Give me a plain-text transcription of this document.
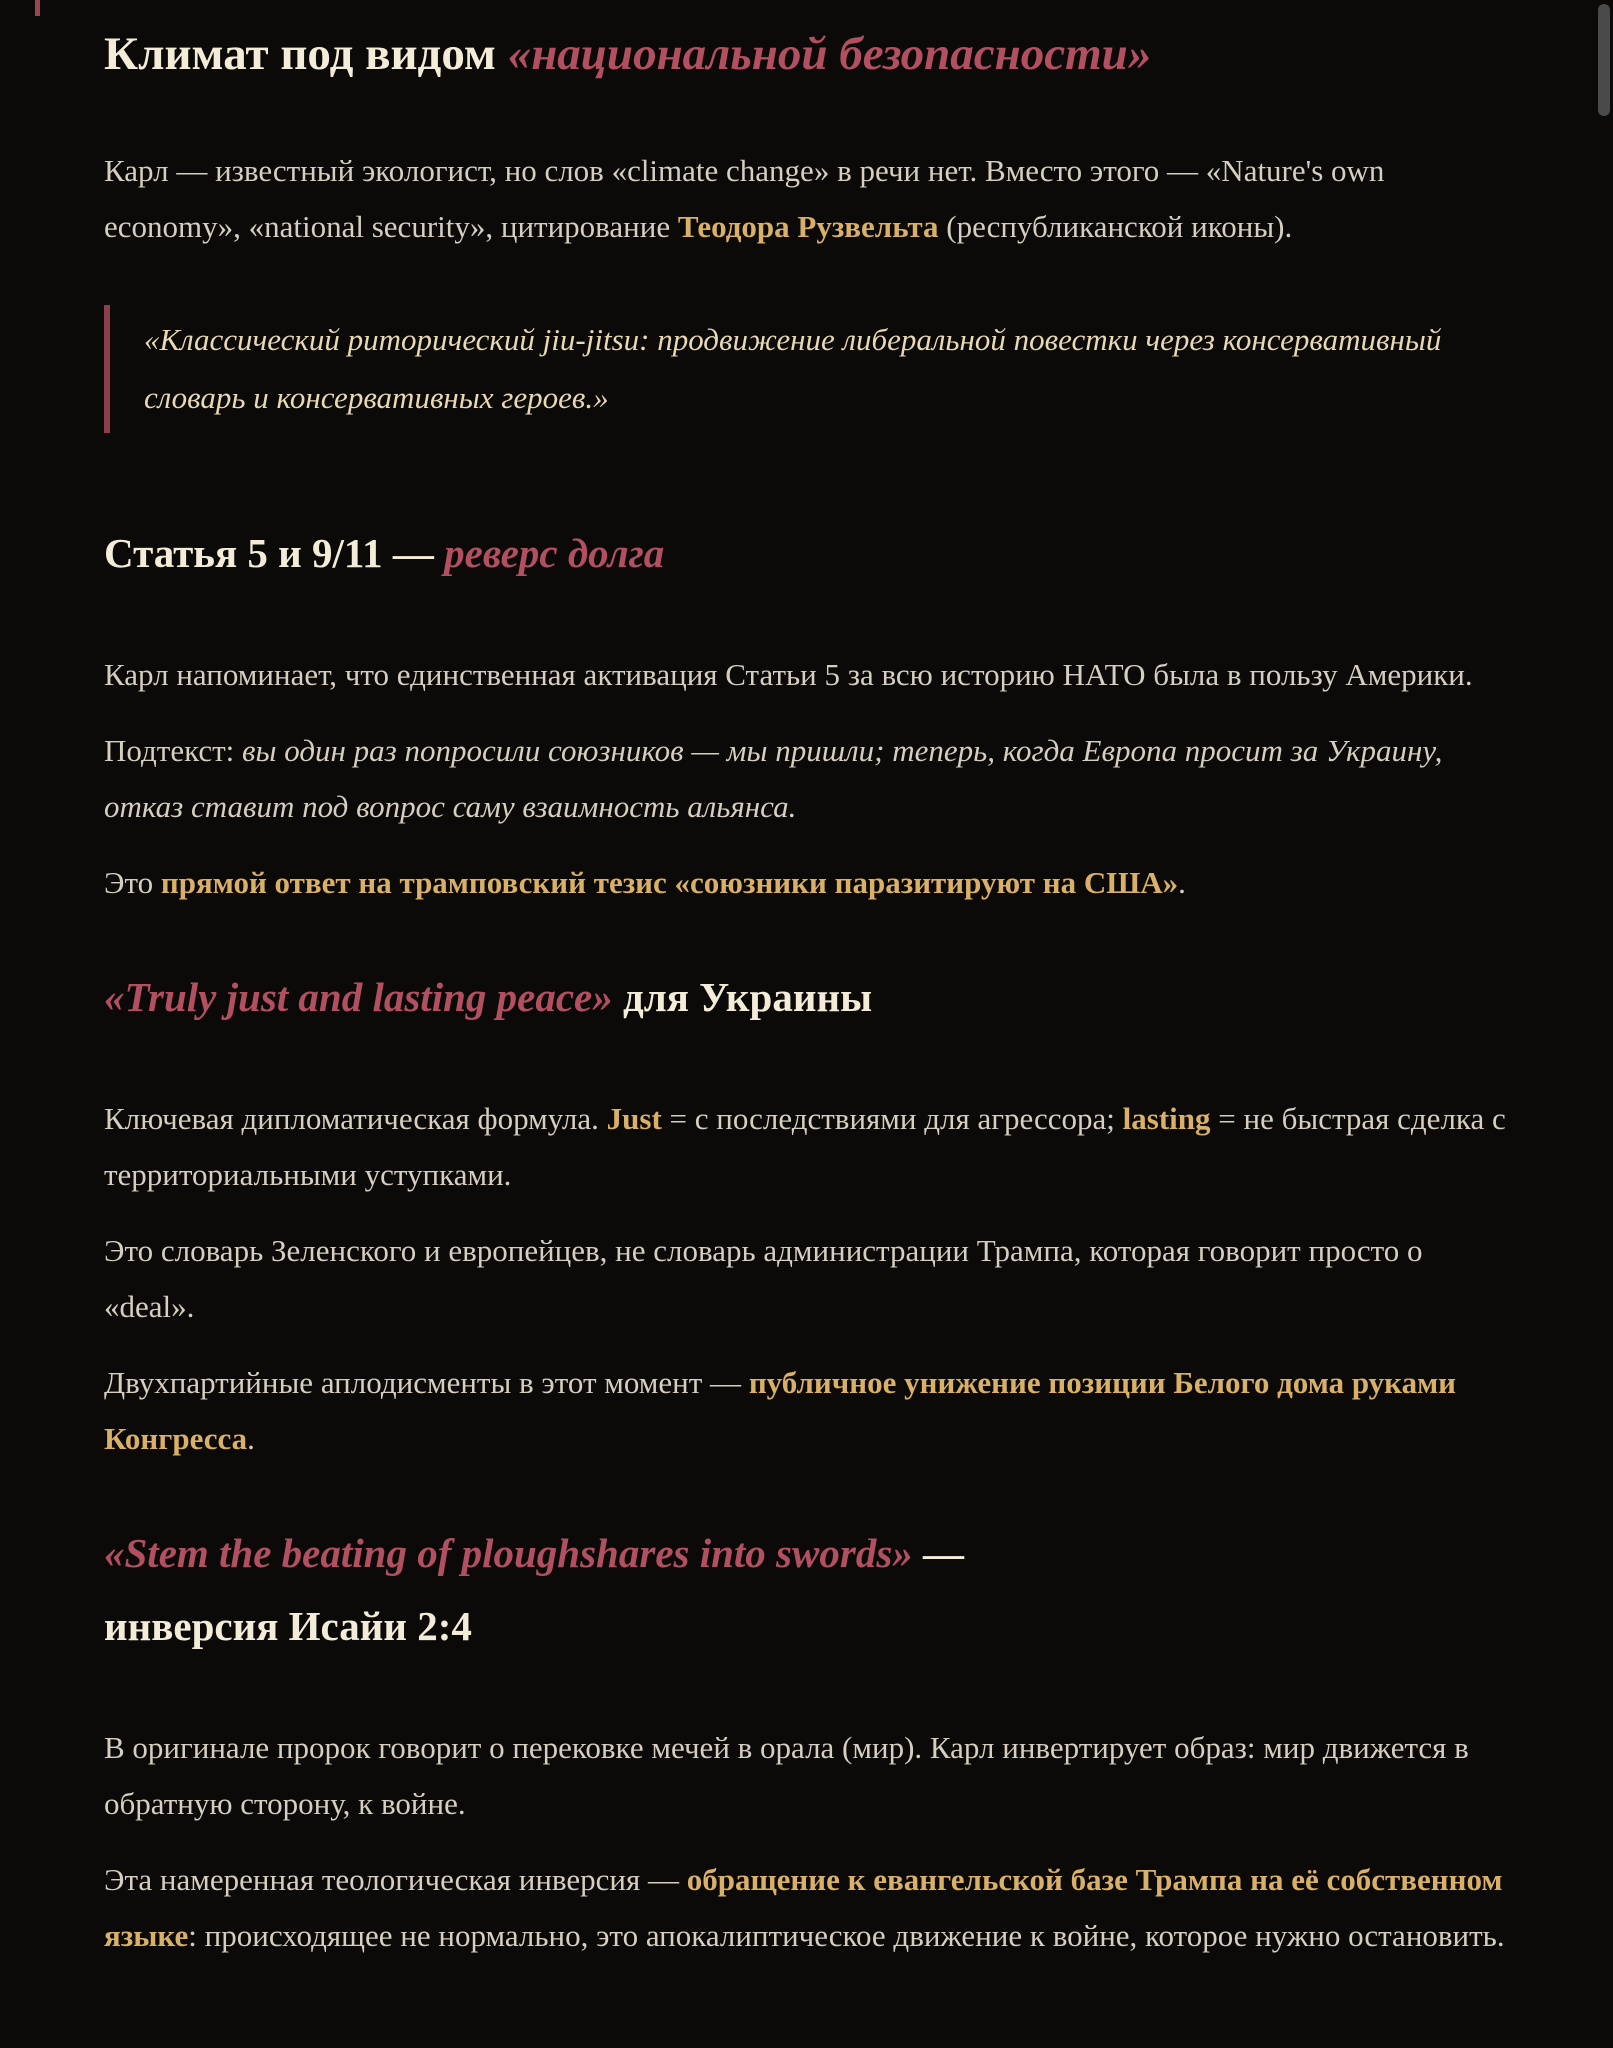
Климат под видом «национальной безопасности»

Карл — известный экологист, но слов «climate change» в речи нет. Вместо этого — «Nature's own economy», «national security», цитирование Теодора Рузвельта (республиканской иконы).

«Классический риторический jiu-jitsu: продвижение либеральной повестки через консервативный словарь и консервативных героев.»
Статья 5 и 9/11 — реверс долга

Карл напоминает, что единственная активация Статьи 5 за всю историю НАТО была в пользу Америки.

Подтекст: вы один раз попросили союзников — мы пришли; теперь, когда Европа просит за Украину, отказ ставит под вопрос саму взаимность альянса.

Это прямой ответ на трамповский тезис «союзники паразитируют на США».

«Truly just and lasting peace» для Украины

Ключевая дипломатическая формула. Just = с последствиями для агрессора; lasting = не быстрая сделка с территориальными уступками.

Это словарь Зеленского и европейцев, не словарь администрации Трампа, которая говорит просто о «deal».

Двухпартийные аплодисменты в этот момент — публичное унижение позиции Белого дома руками Конгресса.

«Stem the beating of ploughshares into swords» —
инверсия Исайи 2:4

В оригинале пророк говорит о перековке мечей в орала (мир). Карл инвертирует образ: мир движется в обратную сторону, к войне.

Эта намеренная теологическая инверсия — обращение к евангельской базе Трампа на её собственном языке: происходящее не нормально, это апокалиптическое движение к войне, которое нужно остановить.
